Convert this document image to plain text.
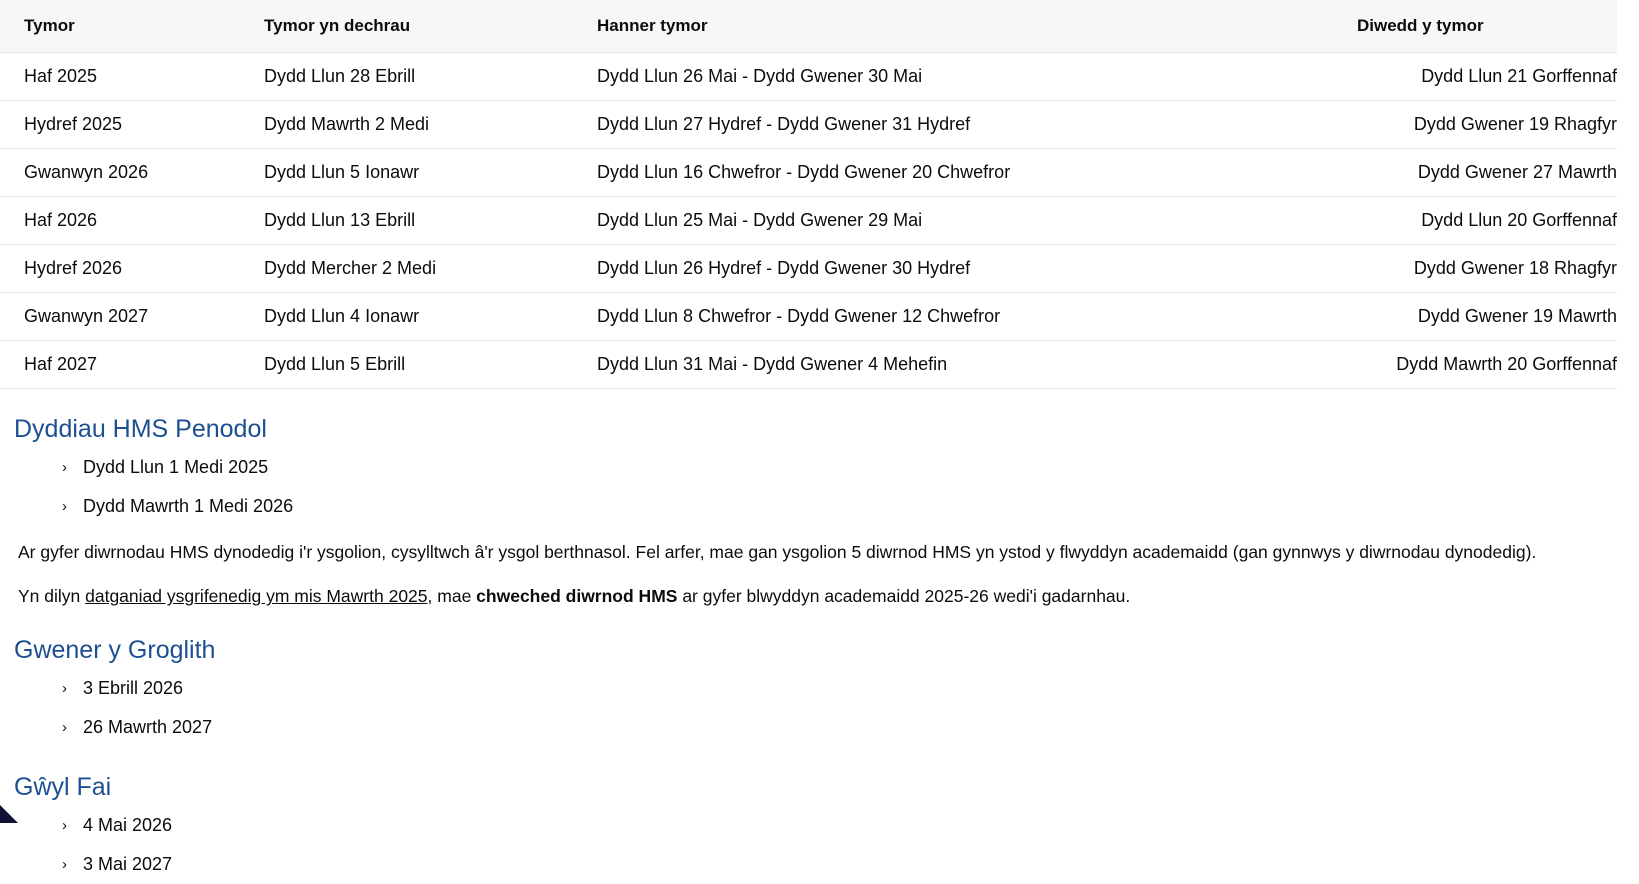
Tymor	Tymor yn dechrau	Hanner tymor	Diwedd y tymor
Haf 2025	Dydd Llun 28 Ebrill	Dydd Llun 26 Mai - Dydd Gwener 30 Mai	Dydd Llun 21 Gorffennaf
Hydref 2025	Dydd Mawrth 2 Medi	Dydd Llun 27 Hydref - Dydd Gwener 31 Hydref	Dydd Gwener 19 Rhagfyr
Gwanwyn 2026	Dydd Llun 5 Ionawr	Dydd Llun 16 Chwefror - Dydd Gwener 20 Chwefror	Dydd Gwener 27 Mawrth
Haf 2026	Dydd Llun 13 Ebrill	Dydd Llun 25 Mai - Dydd Gwener 29 Mai	Dydd Llun 20 Gorffennaf
Hydref 2026	Dydd Mercher 2 Medi	Dydd Llun 26 Hydref - Dydd Gwener 30 Hydref	Dydd Gwener 18 Rhagfyr
Gwanwyn 2027	Dydd Llun 4 Ionawr	Dydd Llun 8 Chwefror - Dydd Gwener 12 Chwefror	Dydd Gwener 19 Mawrth
Haf 2027	Dydd Llun 5 Ebrill	Dydd Llun 31 Mai - Dydd Gwener 4 Mehefin	Dydd Mawrth 20 Gorffennaf
Dyddiau HMS Penodol
› Dydd Llun 1 Medi 2025
› Dydd Mawrth 1 Medi 2026

Ar gyfer diwrnodau HMS dynodedig i'r ysgolion, cysylltwch â'r ysgol berthnasol. Fel arfer, mae gan ysgolion 5 diwrnod HMS yn ystod y flwyddyn academaidd (gan gynnwys y diwrnodau dynodedig).

Yn dilyn datganiad ysgrifenedig ym mis Mawrth 2025, mae chweched diwrnod HMS ar gyfer blwyddyn academaidd 2025-26 wedi'i gadarnhau.

Gwener y Groglith
› 3 Ebrill 2026
› 26 Mawrth 2027
Gŵyl Fai
› 4 Mai 2026
› 3 Mai 2027
